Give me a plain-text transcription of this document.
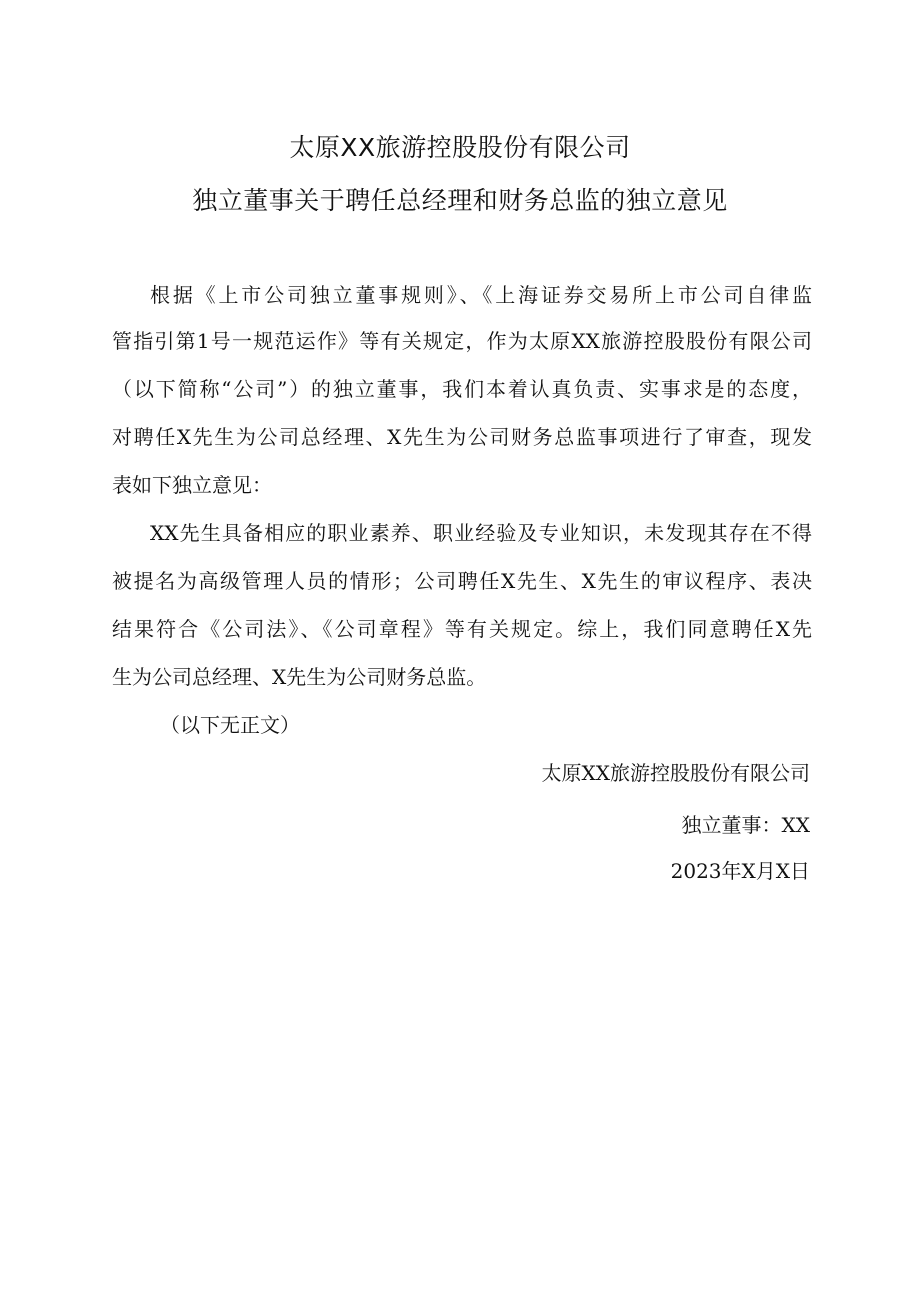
太原XX旅游控股股份有限公司
独立董事关于聘任总经理和财务总监的独立意见
根据《上市公司独立董事规则》、《上海证券交易所上市公司自律监
管指引第1号一规范运作》等有关规定，作为太原XX旅游控股股份有限公司
（以下简称“公司”）的独立董事，我们本着认真负责、实事求是的态度，
对聘任X先生为公司总经理、X先生为公司财务总监事项进行了审查，现发
表如下独立意见：
XX先生具备相应的职业素养、职业经验及专业知识，未发现其存在不得
被提名为高级管理人员的情形；公司聘任X先生、X先生的审议程序、表决
结果符合《公司法》、《公司章程》等有关规定。综上，我们同意聘任X先
生为公司总经理、X先生为公司财务总监。
（以下无正文）
太原XX旅游控股股份有限公司
独立董事：XX
2023年X月X日
